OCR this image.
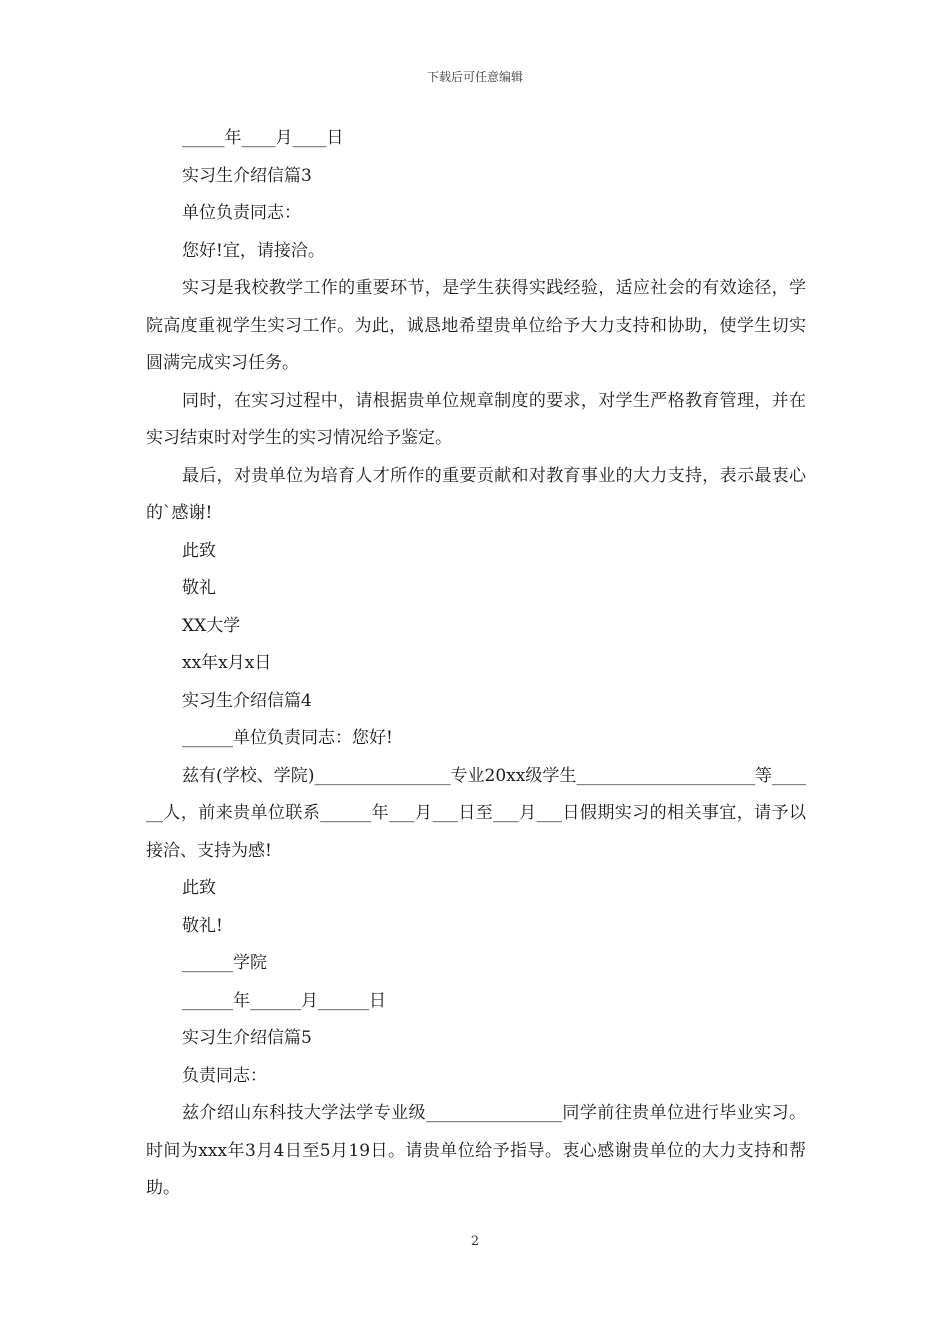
下载后可任意编辑

_____年____月____日

实习生介绍信篇3

单位负责同志：

您好!宜，请接洽。

实习是我校教学工作的重要环节，是学生获得实践经验，适应社会的有效途径，学院高度重视学生实习工作。为此，诚恳地希望贵单位给予大力支持和协助，使学生切实圆满完成实习任务。

同时，在实习过程中，请根据贵单位规章制度的要求，对学生严格教育管理，并在实习结束时对学生的实习情况给予鉴定。

最后，对贵单位为培育人才所作的重要贡献和对教育事业的大力支持，表示最衷心的`感谢!

此致

敬礼

XX大学

xx年x月x日

实习生介绍信篇4

______单位负责同志：您好!

兹有(学校、学院)________________专业20xx级学生_____________________等______人，前来贵单位联系______年___月___日至___月___日假期实习的相关事宜，请予以接洽、支持为感!

此致

敬礼!

______学院

______年______月______日

实习生介绍信篇5

负责同志：

兹介绍山东科技大学法学专业级________________同学前往贵单位进行毕业实习。时间为xxx年3月4日至5月19日。请贵单位给予指导。衷心感谢贵单位的大力支持和帮助。

2
